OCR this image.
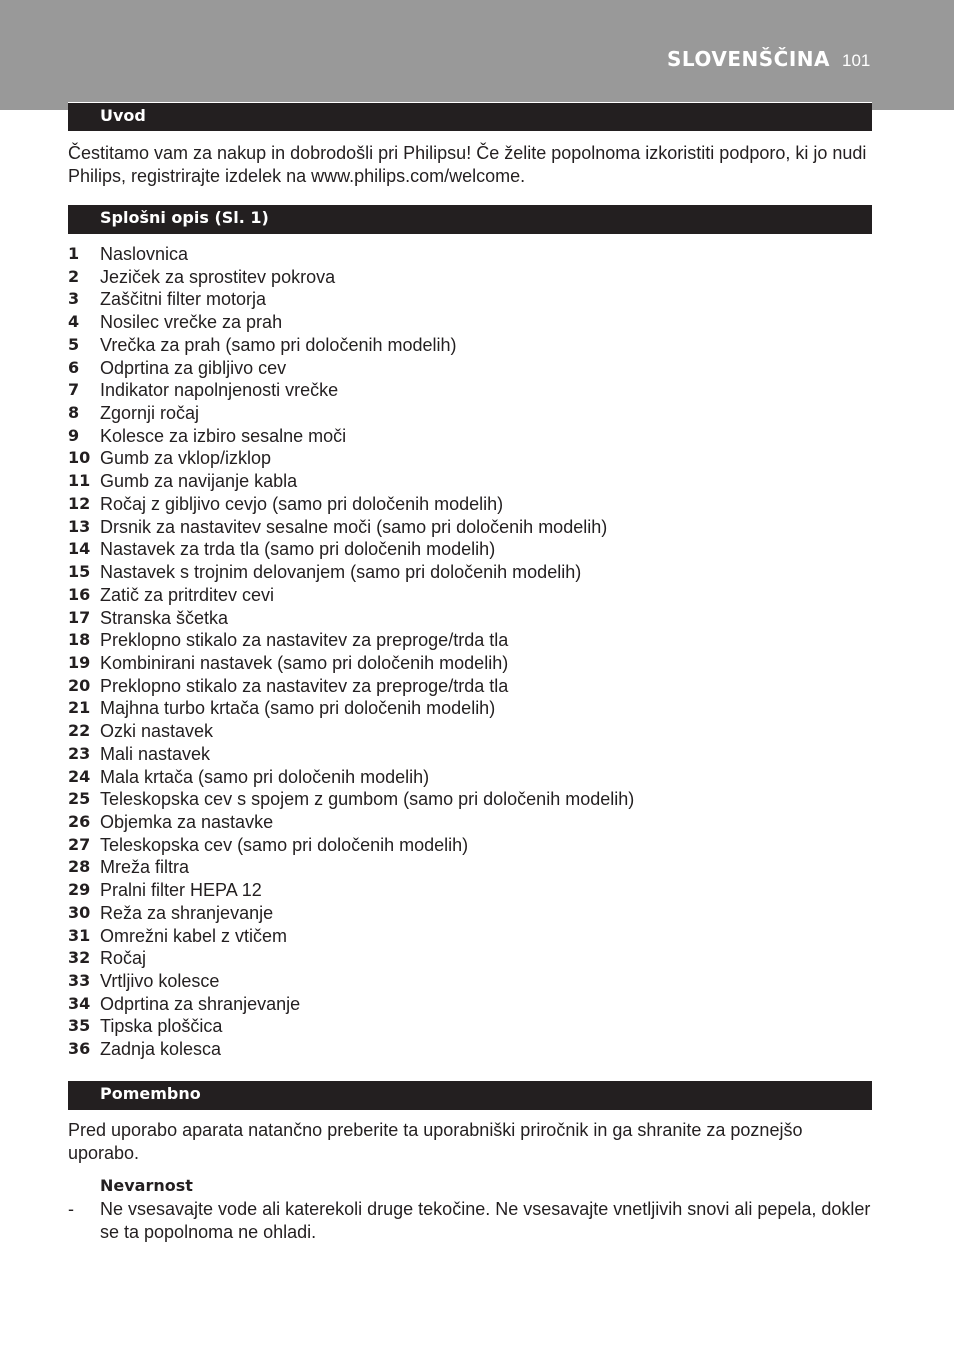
SLOVENŠČINA 101
Uvod
Čestitamo vam za nakup in dobrodošli pri Philipsu! Če želite popolnoma izkoristiti podporo, ki jo nudi Philips, registrirajte izdelek na www.philips.com/welcome.
Splošni opis (Sl. 1)
1	Naslovnica
2	Jeziček za sprostitev pokrova
3	Zaščitni filter motorja
4	Nosilec vrečke za prah
5	Vrečka za prah (samo pri določenih modelih)
6	Odprtina za gibljivo cev
7	Indikator napolnjenosti vrečke
8	Zgornji ročaj
9	Kolesce za izbiro sesalne moči
10 Gumb za vklop/izklop
11 Gumb za navijanje kabla
12 Ročaj z gibljivo cevjo (samo pri določenih modelih)
13 Drsnik za nastavitev sesalne moči (samo pri določenih modelih)
14 Nastavek za trda tla (samo pri določenih modelih)
15 Nastavek s trojnim delovanjem (samo pri določenih modelih)
16 Zatič za pritrditev cevi
17 Stranska ščetka
18 Preklopno stikalo za nastavitev za preproge/trda tla
19 Kombinirani nastavek (samo pri določenih modelih)
20 Preklopno stikalo za nastavitev za preproge/trda tla
21 Majhna turbo krtača (samo pri določenih modelih)
22 Ozki nastavek
23 Mali nastavek
24 Mala krtača (samo pri določenih modelih)
25 Teleskopska cev s spojem z gumbom (samo pri določenih modelih)
26 Objemka za nastavke
27 Teleskopska cev (samo pri določenih modelih)
28 Mreža filtra
29 Pralni filter HEPA 12
30 Reža za shranjevanje
31 Omrežni kabel z vtičem
32 Ročaj
33 Vrtljivo kolesce
34 Odprtina za shranjevanje
35 Tipska ploščica
36 Zadnja kolesca
Pomembno
Pred uporabo aparata natančno preberite ta uporabniški priročnik in ga shranite za poznejšo uporabo.
Nevarnost
-	Ne vsesavajte vode ali katerekoli druge tekočine. Ne vsesavajte vnetljivih snovi ali pepela, dokler se ta popolnoma ne ohladi.
